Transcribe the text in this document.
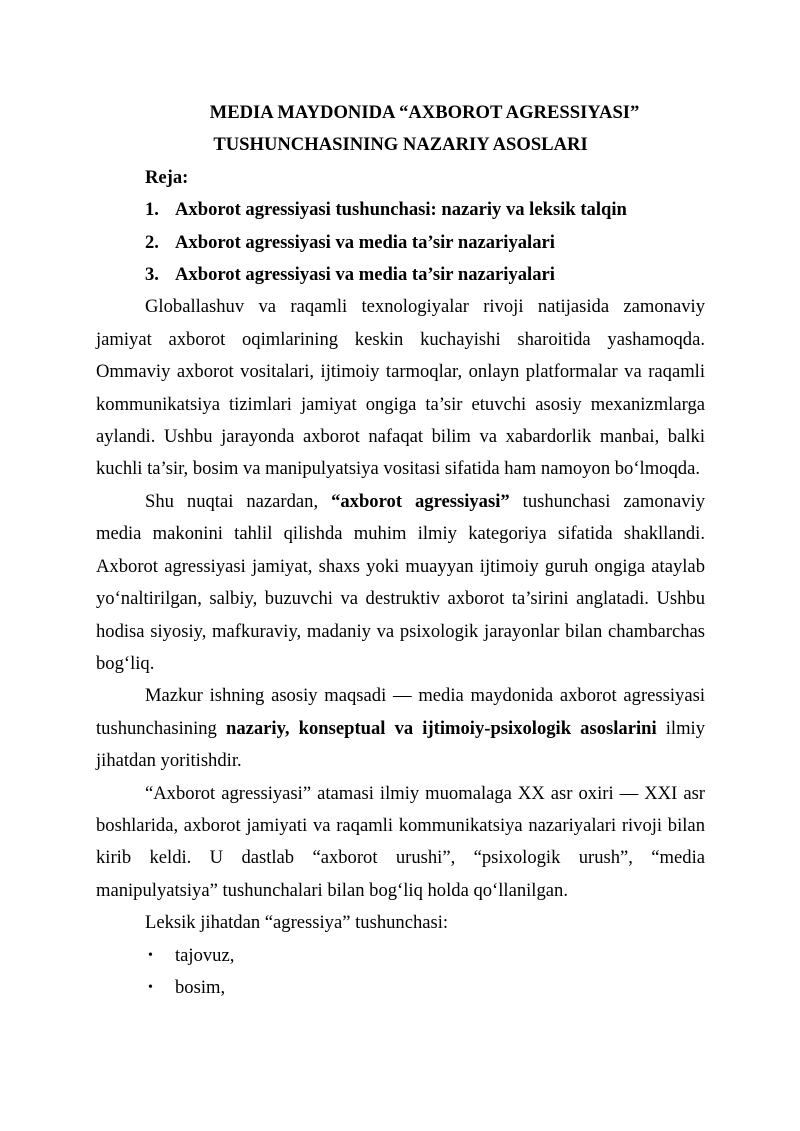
MEDIA MAYDONIDA “AXBOROT AGRESSIYASI”
TUSHUNCHASINING NAZARIY ASOSLARI
Reja:
1. Axborot agressiyasi tushunchasi: nazariy va leksik talqin
2. Axborot agressiyasi va media ta’sir nazariyalari
3. Axborot agressiyasi va media ta’sir nazariyalari

Globallashuv va raqamli texnologiyalar rivoji natijasida zamonaviy jamiyat axborot oqimlarining keskin kuchayishi sharoitida yashamoqda. Ommaviy axborot vositalari, ijtimoiy tarmoqlar, onlayn platformalar va raqamli kommunikatsiya tizimlari jamiyat ongiga ta’sir etuvchi asosiy mexanizmlarga aylandi. Ushbu jarayonda axborot nafaqat bilim va xabardorlik manbai, balki kuchli ta’sir, bosim va manipulyatsiya vositasi sifatida ham namoyon bo‘lmoqda.

Shu nuqtai nazardan, “axborot agressiyasi” tushunchasi zamonaviy media makonini tahlil qilishda muhim ilmiy kategoriya sifatida shakllandi. Axborot agressiyasi jamiyat, shaxs yoki muayyan ijtimoiy guruh ongiga ataylab yo‘naltirilgan, salbiy, buzuvchi va destruktiv axborot ta’sirini anglatadi. Ushbu hodisa siyosiy, mafkuraviy, madaniy va psixologik jarayonlar bilan chambarchas bog‘liq.

Mazkur ishning asosiy maqsadi — media maydonida axborot agressiyasi tushunchasining nazariy, konseptual va ijtimoiy-psixologik asoslarini ilmiy jihatdan yoritishdir.

“Axborot agressiyasi” atamasi ilmiy muomalaga XX asr oxiri — XXI asr boshlarida, axborot jamiyati va raqamli kommunikatsiya nazariyalari rivoji bilan kirib keldi. U dastlab “axborot urushi”, “psixologik urush”, “media manipulyatsiya” tushunchalari bilan bog‘liq holda qo‘llanilgan.

Leksik jihatdan “agressiya” tushunchasi:

•	tajovuz,
•	bosim,
